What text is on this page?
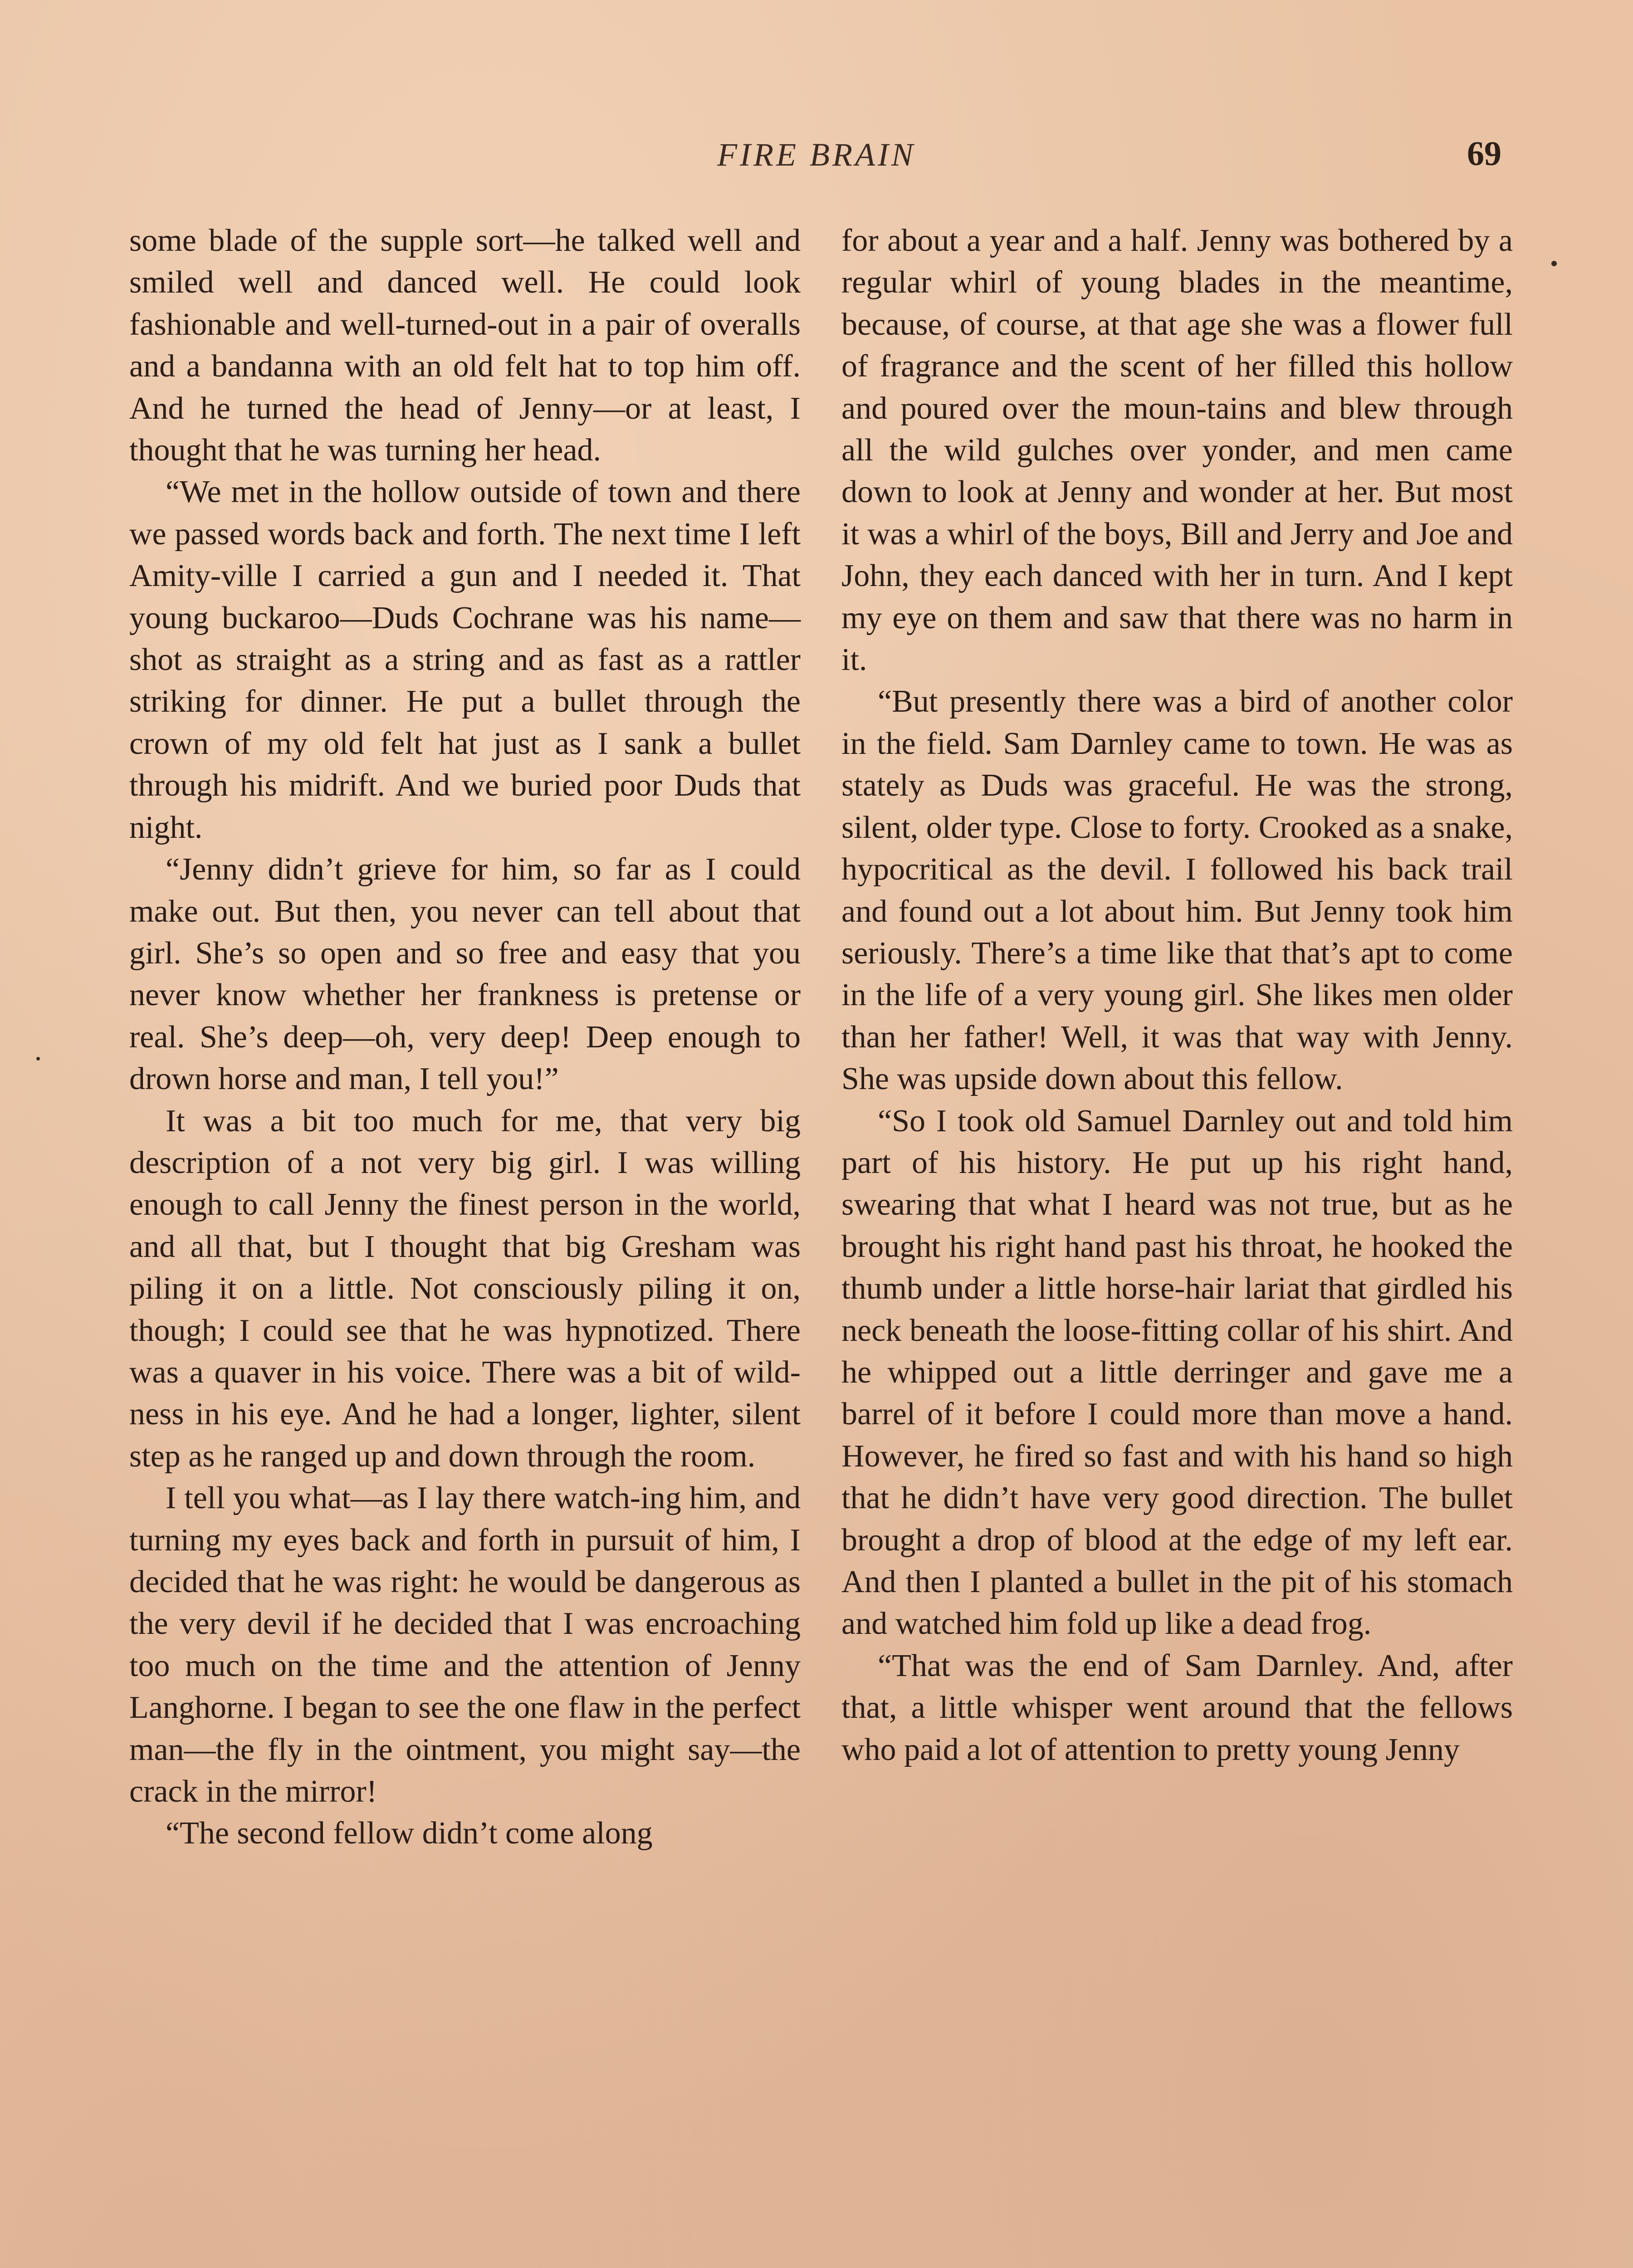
FIRE BRAIN	69

some blade of the supple sort—he talked well and smiled well and danced well. He could look fashionable and well-turned-out in a pair of overalls and a bandanna with an old felt hat to top him off. And he turned the head of Jenny—or at least, I thought that he was turning her head.

“We met in the hollow outside of town and there we passed words back and forth. The next time I left Amity-ville I carried a gun and I needed it. That young buckaroo—Duds Cochrane was his name—shot as straight as a string and as fast as a rattler striking for dinner. He put a bullet through the crown of my old felt hat just as I sank a bullet through his midrift. And we buried poor Duds that night.

“Jenny didn’t grieve for him, so far as I could make out. But then, you never can tell about that girl. She’s so open and so free and easy that you never know whether her frankness is pretense or real. She’s deep—oh, very deep! Deep enough to drown horse and man, I tell you!”

It was a bit too much for me, that very big description of a not very big girl. I was willing enough to call Jenny the finest person in the world, and all that, but I thought that big Gresham was piling it on a little. Not consciously piling it on, though; I could see that he was hypnotized. There was a quaver in his voice. There was a bit of wild-ness in his eye. And he had a longer, lighter, silent step as he ranged up and down through the room.

I tell you what—as I lay there watch-ing him, and turning my eyes back and forth in pursuit of him, I decided that he was right: he would be dangerous as the very devil if he decided that I was encroaching too much on the time and the attention of Jenny Langhorne. I began to see the one flaw in the perfect man—the fly in the ointment, you might say—the crack in the mirror!

“The second fellow didn’t come along

for about a year and a half. Jenny was bothered by a regular whirl of young blades in the meantime, because, of course, at that age she was a flower full of fragrance and the scent of her filled this hollow and poured over the moun-tains and blew through all the wild gulches over yonder, and men came down to look at Jenny and wonder at her. But most it was a whirl of the boys, Bill and Jerry and Joe and John, they each danced with her in turn. And I kept my eye on them and saw that there was no harm in it.

“But presently there was a bird of another color in the field. Sam Darnley came to town. He was as stately as Duds was graceful. He was the strong, silent, older type. Close to forty. Crooked as a snake, hypocritical as the devil. I followed his back trail and found out a lot about him. But Jenny took him seriously. There’s a time like that that’s apt to come in the life of a very young girl. She likes men older than her father! Well, it was that way with Jenny. She was upside down about this fellow.

“So I took old Samuel Darnley out and told him part of his history. He put up his right hand, swearing that what I heard was not true, but as he brought his right hand past his throat, he hooked the thumb under a little horse-hair lariat that girdled his neck beneath the loose-fitting collar of his shirt. And he whipped out a little derringer and gave me a barrel of it before I could more than move a hand. However, he fired so fast and with his hand so high that he didn’t have very good direction. The bullet brought a drop of blood at the edge of my left ear. And then I planted a bullet in the pit of his stomach and watched him fold up like a dead frog.

“That was the end of Sam Darnley. And, after that, a little whisper went around that the fellows who paid a lot of attention to pretty young Jenny
